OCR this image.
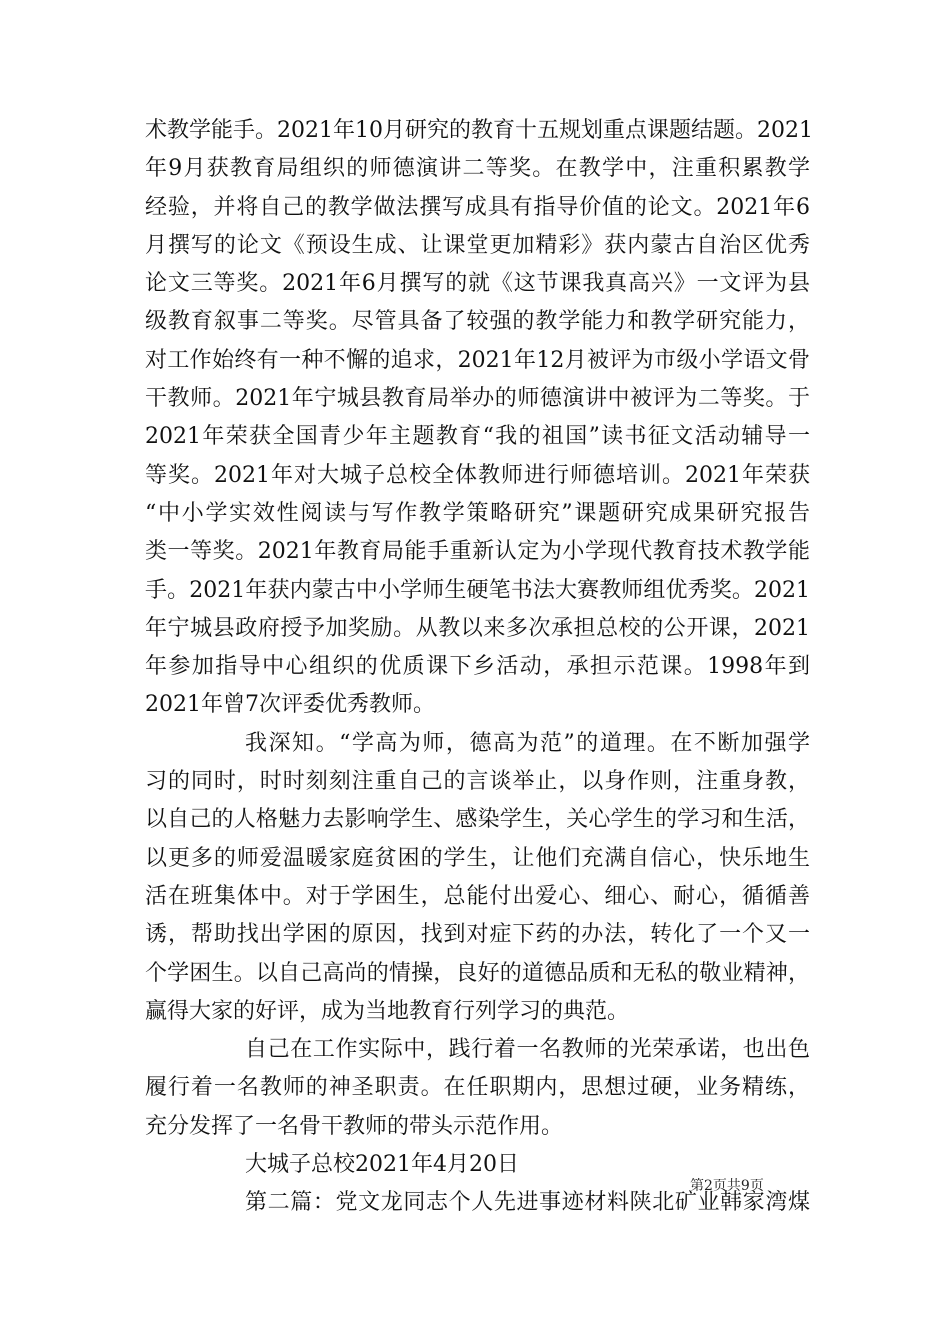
术教学能手。2021年10月研究的教育十五规划重点课题结题。2021
年9月获教育局组织的师德演讲二等奖。在教学中，注重积累教学
经验，并将自己的教学做法撰写成具有指导价值的论文。2021年6
月撰写的论文《预设生成、让课堂更加精彩》获内蒙古自治区优秀
论文三等奖。2021年6月撰写的就《这节课我真高兴》一文评为县
级教育叙事二等奖。尽管具备了较强的教学能力和教学研究能力，
对工作始终有一种不懈的追求，2021年12月被评为市级小学语文骨
干教师。2021年宁城县教育局举办的师德演讲中被评为二等奖。于
2021年荣获全国青少年主题教育“我的祖国”读书征文活动辅导一
等奖。2021年对大城子总校全体教师进行师德培训。2021年荣获
“中小学实效性阅读与写作教学策略研究”课题研究成果研究报告
类一等奖。2021年教育局能手重新认定为小学现代教育技术教学能
手。2021年获内蒙古中小学师生硬笔书法大赛教师组优秀奖。2021
年宁城县政府授予加奖励。从教以来多次承担总校的公开课，2021
年参加指导中心组织的优质课下乡活动，承担示范课。1998年到
2021年曾7次评委优秀教师。
我深知。“学高为师，德高为范”的道理。在不断加强学
习的同时，时时刻刻注重自己的言谈举止，以身作则，注重身教，
以自己的人格魅力去影响学生、感染学生，关心学生的学习和生活，
以更多的师爱温暖家庭贫困的学生，让他们充满自信心，快乐地生
活在班集体中。对于学困生，总能付出爱心、细心、耐心，循循善
诱，帮助找出学困的原因，找到对症下药的办法，转化了一个又一
个学困生。以自己高尚的情操，良好的道德品质和无私的敬业精神，
赢得大家的好评，成为当地教育行列学习的典范。
自己在工作实际中，践行着一名教师的光荣承诺，也出色
履行着一名教师的神圣职责。在任职期内，思想过硬，业务精练，
充分发挥了一名骨干教师的带头示范作用。
大城子总校2021年4月20日
第二篇：党文龙同志个人先进事迹材料陕北矿业韩家湾煤
第2页共9页
